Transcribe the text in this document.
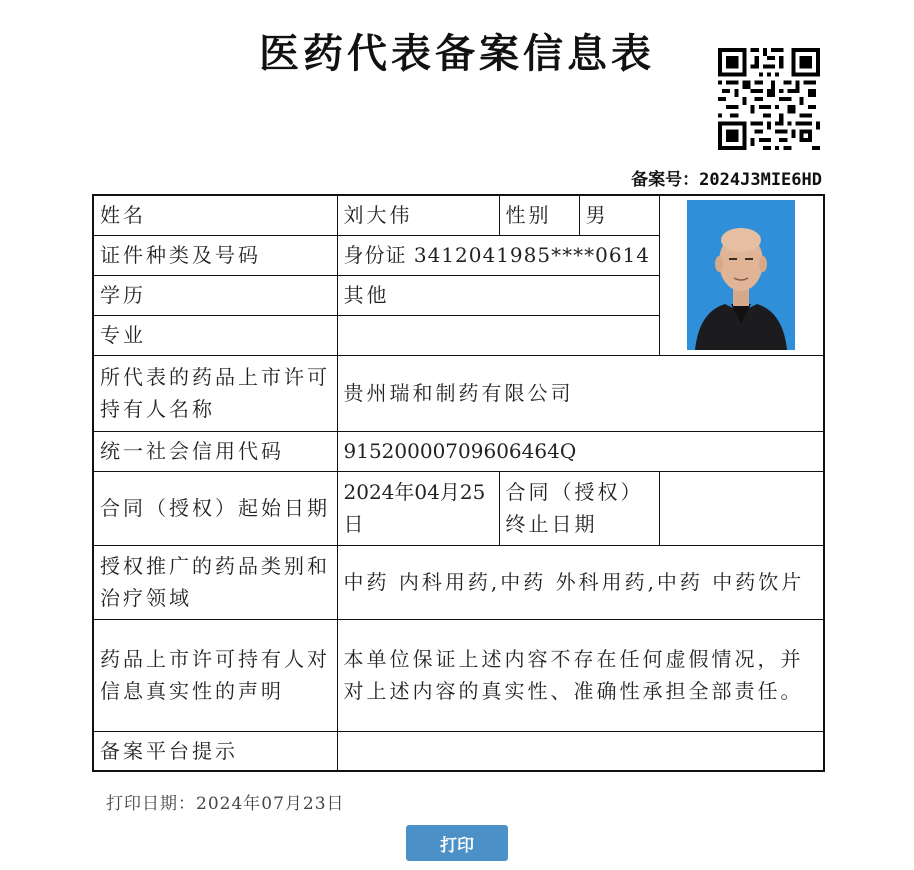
医药代表备案信息表
备案号：2024J3MIE6HD
姓名	刘大伟	性别	男	

证件种类及号码	身份证 3412041985****0614			
学历	其他			
专业				
所代表的药品上市许可持有人名称	贵州瑞和制药有限公司			
统一社会信用代码	91520000709606464Q			
合同（授权）起始日期	2024年04月25日	合同（授权）终止日期		
授权推广的药品类别和治疗领域	中药 内科用药,中药 外科用药,中药 中药饮片			
药品上市许可持有人对信息真实性的声明	本单位保证上述内容不存在任何虚假情况，并对上述内容的真实性、准确性承担全部责任。			
备案平台提示				
打印日期：2024年07月23日
打印
